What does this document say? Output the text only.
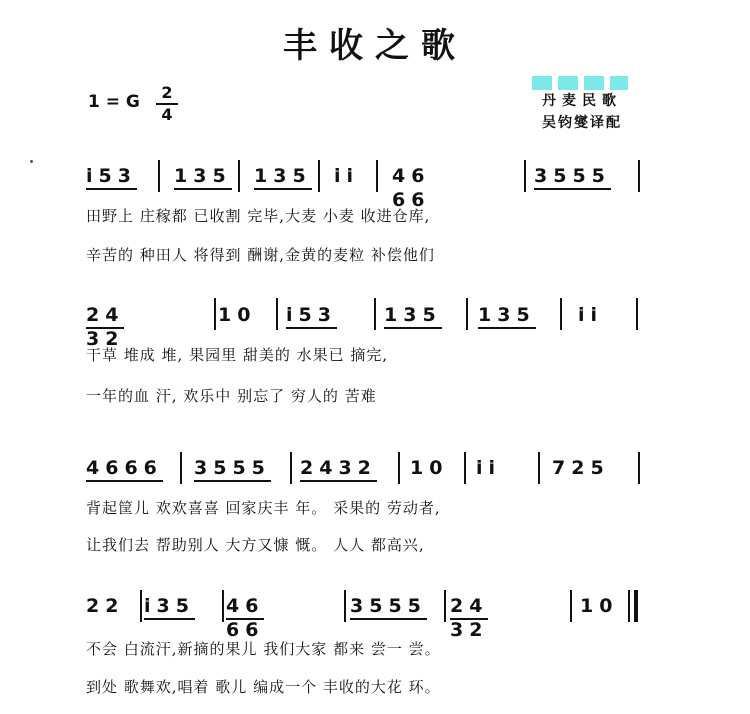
丰收之歌
1 = G	2
4
丹麦民歌
吴钧燮译配
i53 135 135 ii 46 66
3555
田野上 庄稼都 已收割 完毕,大麦 小麦 收进仓库,
辛苦的 种田人 将得到 酬谢,金黄的麦粒 补偿他们
24 32
10 i53 135 135 ii
干草 堆成 堆, 果园里 甜美的 水果已 摘完,
一年的血 汗, 欢乐中 别忘了 穷人的 苦难
4666 3555 2432 10 ii	725
背起筐儿 欢欢喜喜 回家庆丰 年。 采果的 劳动者,
让我们去 帮助别人 大方又慷 慨。 人人 都高兴,
22 i35 46 66
3555 24 32
10
不会 白流汗,新摘的果儿 我们大家 都来 尝一 尝。
到处 歌舞欢,唱着 歌儿 编成一个 丰收的大花 环。
